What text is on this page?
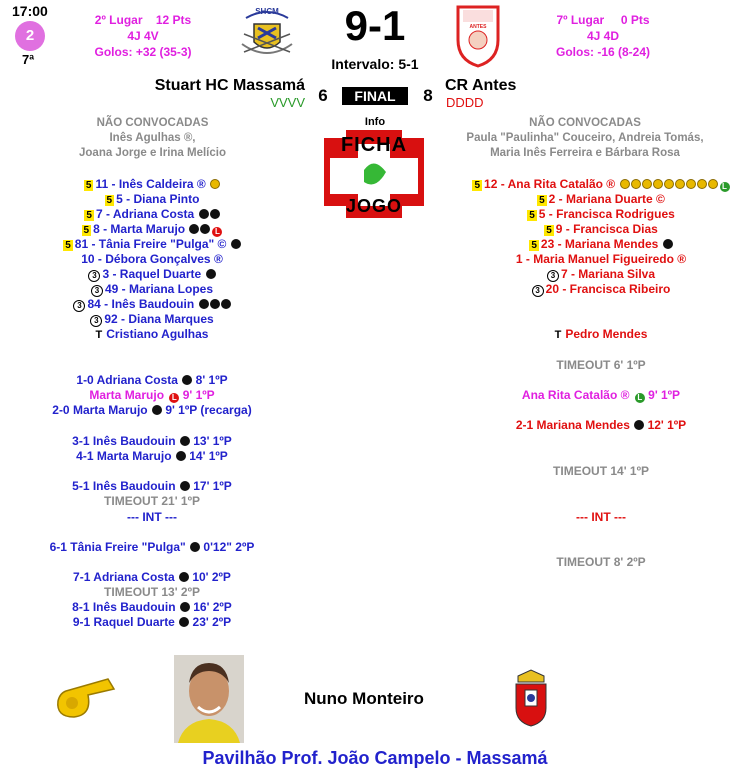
17:00
2
7ª
2º Lugar 12 Pts
4J 4V
Golos: +32 (35-3)
SHCM	9-1
Intervalo: 5-1
ANTES	7º Lugar 0 Pts
4J 4D
Golos: -16 (8-24)
Stuart HC Massamá	CR Antes
VVVV	DDDD
6	FINAL	8
Info
FICHA
JOGO
NÃO CONVOCADAS
Inês Agulhas ®,
Joana Jorge e Irina Melício
NÃO CONVOCADAS
Paula "Paulinha" Couceiro, Andreia Tomás,
Maria Inês Ferreira e Bárbara Rosa
5 11 - Inês Caldeira ®
5 5 - Diana Pinto
5 7 - Adriana Costa
5 8 - Marta Marujo	L
5 81 - Tânia Freire "Pulga" ©
10 - Débora Gonçalves ®
3 3 - Raquel Duarte
3 49 - Mariana Lopes
3 84 - Inês Baudouin
3 92 - Diana Marques
T Cristiano Agulhas
5 12 - Ana Rita Catalão ®	L
5 2 - Mariana Duarte ©
5 5 - Francisca Rodrigues
5 9 - Francisca Dias
5 23 - Mariana Mendes
1 - Maria Manuel Figueiredo ®
3 7 - Mariana Silva
3 20 - Francisca Ribeiro
T Pedro Mendes
1-0 Adriana Costa 8' 1ºP
Marta Marujo L 9' 1ºP
2-0 Marta Marujo 9' 1ºP (recarga)
3-1 Inês Baudouin 13' 1ºP
4-1 Marta Marujo 14' 1ºP
5-1 Inês Baudouin 17' 1ºP
TIMEOUT 21' 1ºP
--- INT ---
6-1 Tânia Freire "Pulga" 0'12" 2ºP
7-1 Adriana Costa 10' 2ºP
TIMEOUT 13' 2ºP
8-1 Inês Baudouin 16' 2ºP
9-1 Raquel Duarte 23' 2ºP
TIMEOUT 6' 1ºP
Ana Rita Catalão ® L 9' 1ºP
2-1 Mariana Mendes 12' 1ºP
TIMEOUT 14' 1ºP
--- INT ---
TIMEOUT 8' 2ºP
Nuno Monteiro
Pavilhão Prof. João Campelo - Massamá
